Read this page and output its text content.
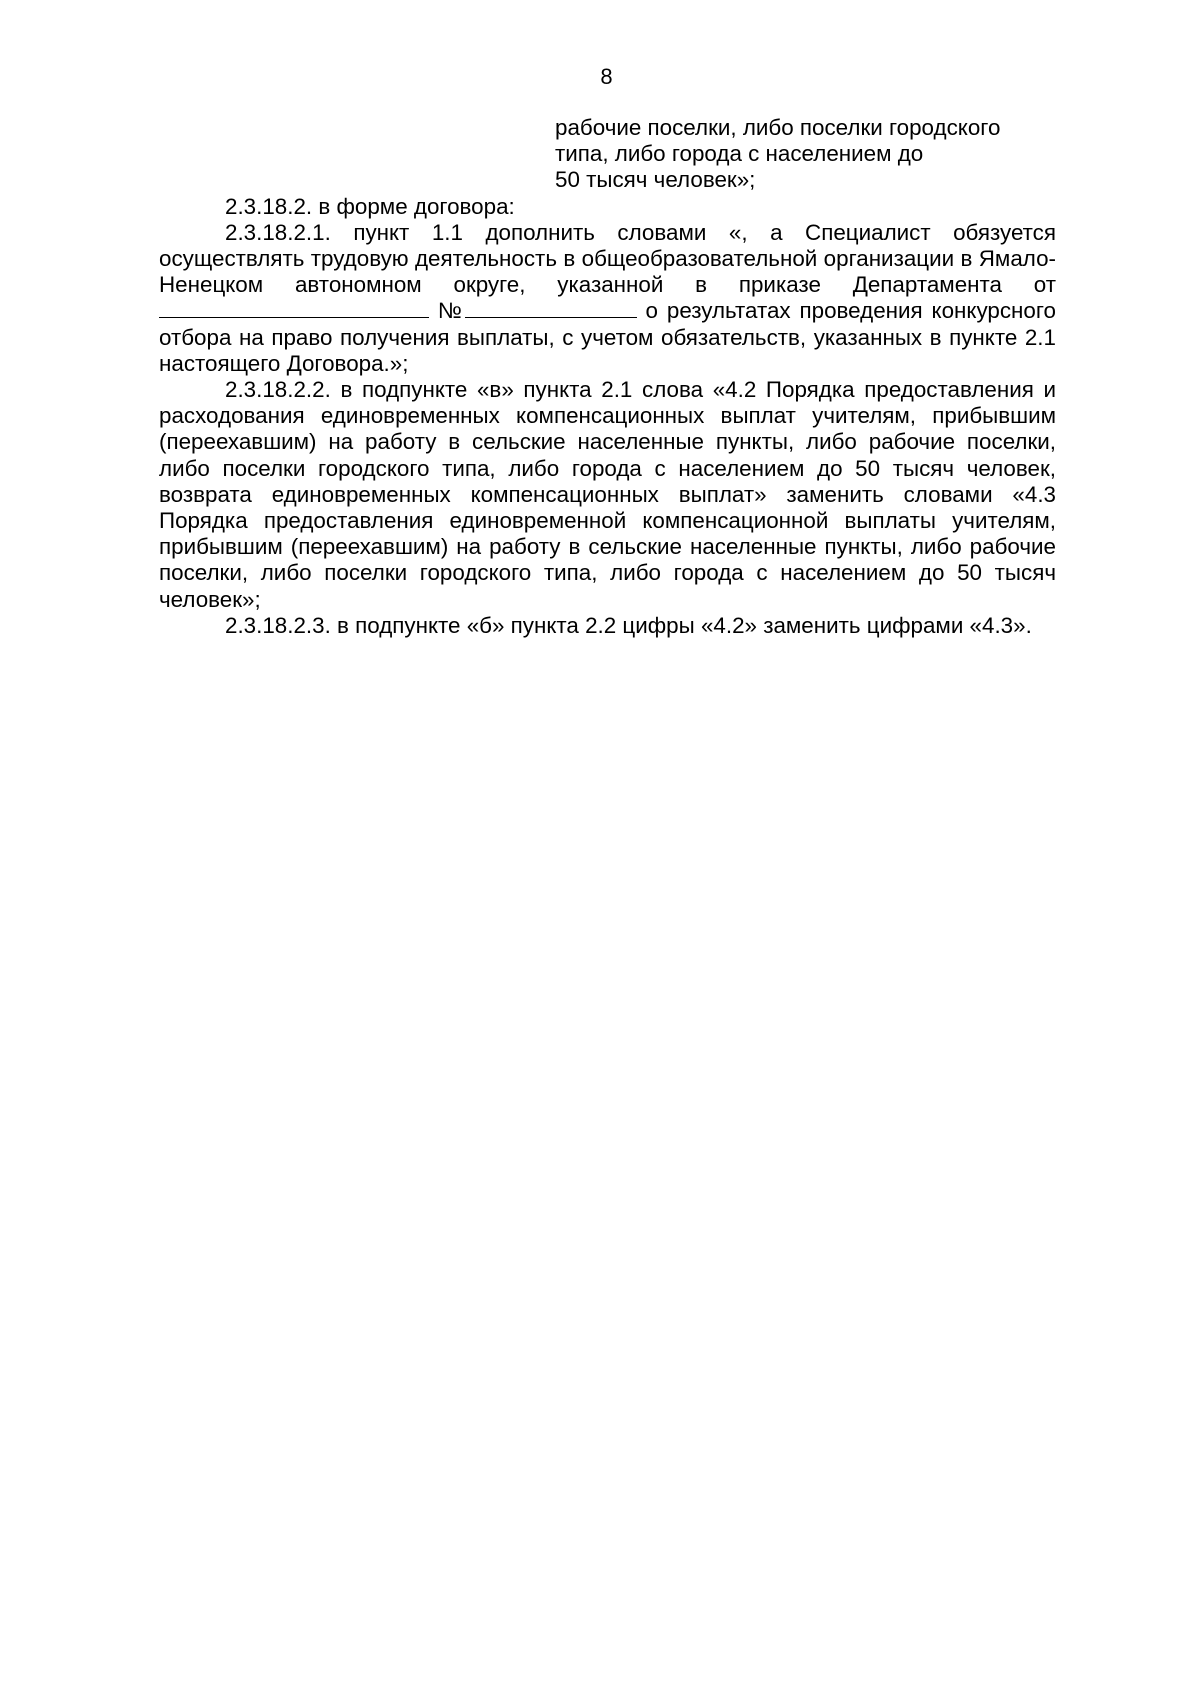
8
рабочие поселки, либо поселки городского
типа, либо города с населением до
50 тысяч человек»;

2.3.18.2. в форме договора:

2.3.18.2.1. пункт 1.1 дополнить словами «, а Специалист обязуется осуществлять трудовую деятельность в общеобразовательной организации в Ямало-Ненецком автономном округе, указанной в приказе Департамента от  №	о результатах проведения конкурсного отбора на право получения выплаты, с учетом обязательств, указанных в пункте 2.1 настоящего Договора.»;

2.3.18.2.2. в подпункте «в» пункта 2.1 слова «4.2 Порядка предоставления и расходования единовременных компенсационных выплат учителям, прибывшим (переехавшим) на работу в сельские населенные пункты, либо рабочие поселки, либо поселки городского типа, либо города с населением до 50 тысяч человек, возврата единовременных компенсационных выплат» заменить словами «4.3 Порядка предоставления единовременной компенсационной выплаты учителям, прибывшим (переехавшим) на работу в сельские населенные пункты, либо рабочие поселки, либо поселки городского типа, либо города с населением до 50 тысяч человек»;

2.3.18.2.3. в подпункте «б» пункта 2.2 цифры «4.2» заменить цифрами «4.3».
